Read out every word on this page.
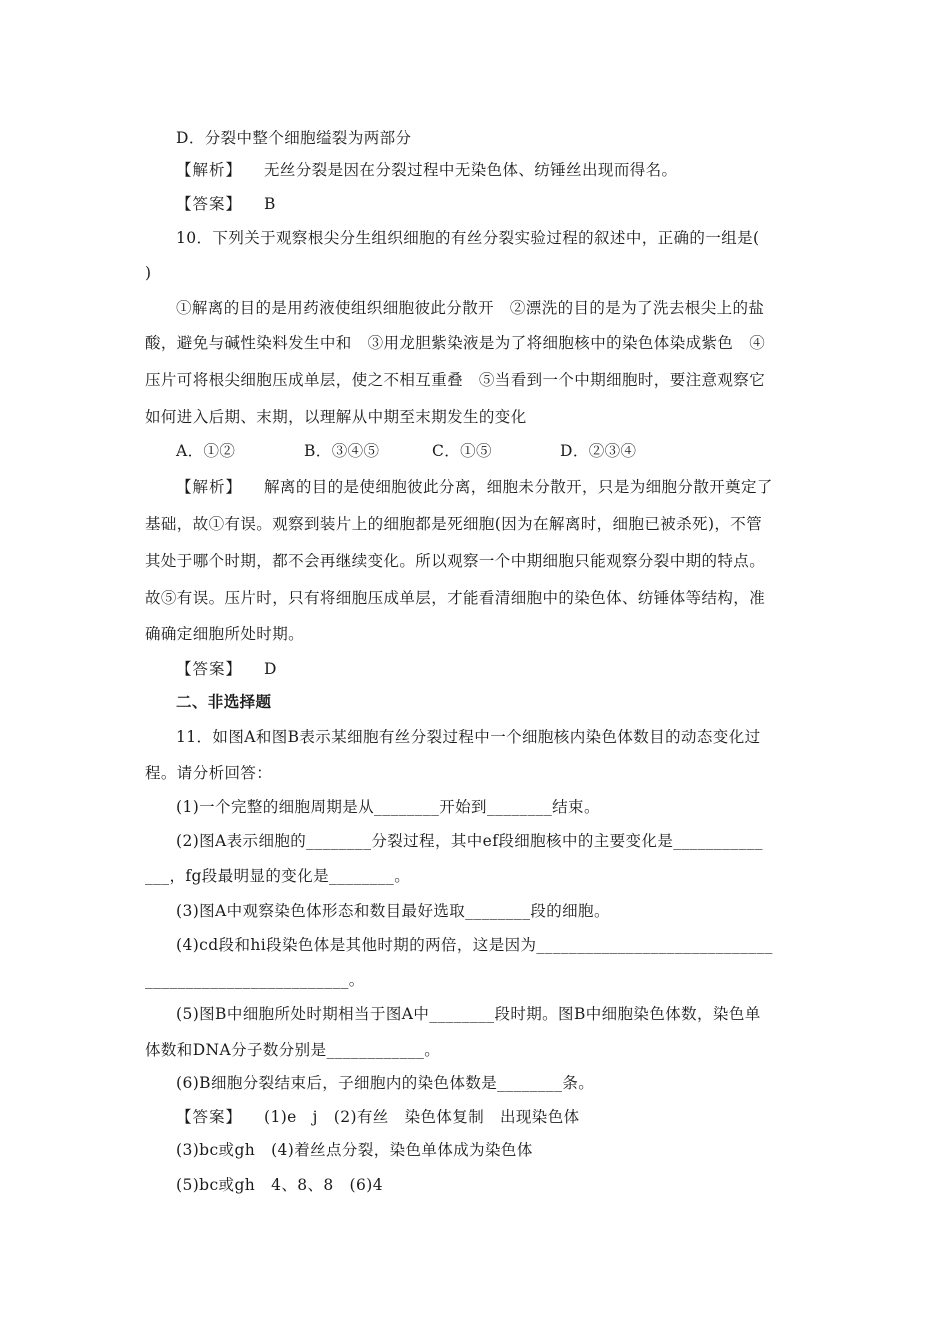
D．分裂中整个细胞缢裂为两部分
【解析】 无丝分裂是因在分裂过程中无染色体、纺锤丝出现而得名。
【答案】 B
10．下列关于观察根尖分生组织细胞的有丝分裂实验过程的叙述中，正确的一组是(
)
①解离的目的是用药液使组织细胞彼此分散开　②漂洗的目的是为了洗去根尖上的盐
酸，避免与碱性染料发生中和　③用龙胆紫染液是为了将细胞核中的染色体染成紫色　④
压片可将根尖细胞压成单层，使之不相互重叠　⑤当看到一个中期细胞时，要注意观察它
如何进入后期、末期，以理解从中期至末期发生的变化
A．①②	B．③④⑤	C．①⑤	D．②③④
【解析】 解离的目的是使细胞彼此分离，细胞未分散开，只是为细胞分散开奠定了
基础，故①有误。观察到装片上的细胞都是死细胞(因为在解离时，细胞已被杀死)，不管
其处于哪个时期，都不会再继续变化。所以观察一个中期细胞只能观察分裂中期的特点。
故⑤有误。压片时，只有将细胞压成单层，才能看清细胞中的染色体、纺锤体等结构，准
确确定细胞所处时期。
【答案】 D
二、非选择题
11．如图A和图B表示某细胞有丝分裂过程中一个细胞核内染色体数目的动态变化过
程。请分析回答：
(1)一个完整的细胞周期是从________开始到________结束。
(2)图A表示细胞的________分裂过程，其中ef段细胞核中的主要变化是___________
___，fg段最明显的变化是________。
(3)图A中观察染色体形态和数目最好选取________段的细胞。
(4)cd段和hi段染色体是其他时期的两倍，这是因为_____________________________
_________________________。
(5)图B中细胞所处时期相当于图A中________段时期。图B中细胞染色体数，染色单
体数和DNA分子数分别是____________。
(6)B细胞分裂结束后，子细胞内的染色体数是________条。
【答案】 (1)e　j　(2)有丝　染色体复制　出现染色体
(3)bc或gh　(4)着丝点分裂，染色单体成为染色体
(5)bc或gh　4、8、8　(6)4
